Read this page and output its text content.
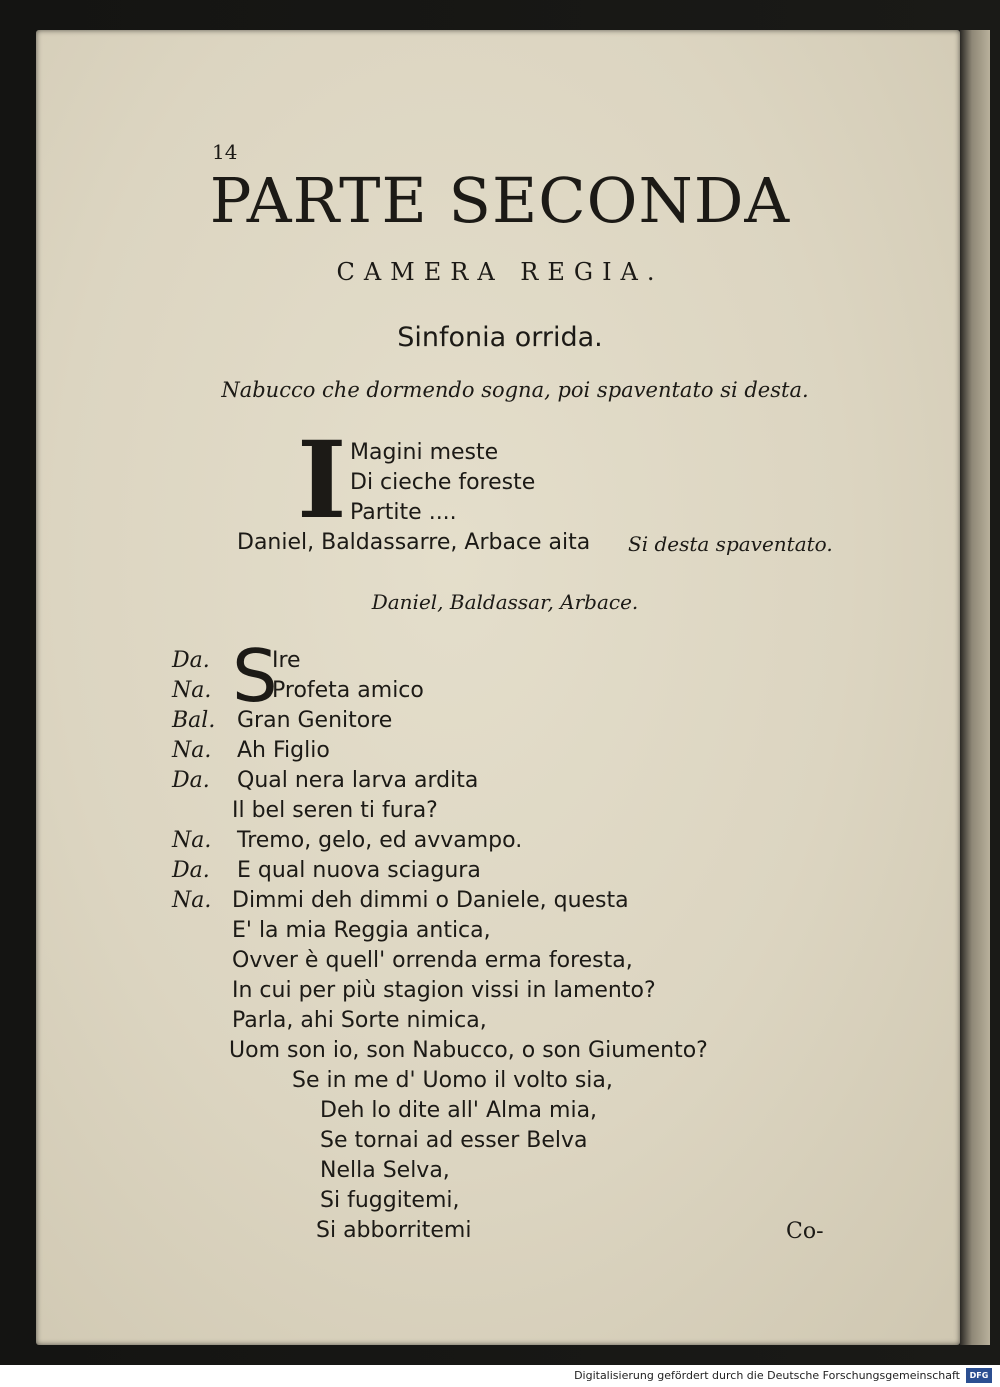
14
PARTE SECONDA
CAMERA REGIA.
Sinfonia orrida.
Nabucco che dormendo sogna, poi spaventato si desta.
I Magini meste
Di cieche foreste
Partite ....
Daniel, Baldassarre, Arbace aita Si desta spaventato.
Daniel, Baldassar, Arbace.
S
Da.	Ire
Na.	Profeta amico
Bal. Gran Genitore
Na. Ah Figlio
Da. Qual nera larva ardita
Il bel seren ti fura?
Na. Tremo, gelo, ed avvampo.
Da. E qual nuova sciagura
Na. Dimmi deh dimmi o Daniele, questa
E' la mia Reggia antica,
Ovver è quell' orrenda erma foresta,
In cui per più stagion vissi in lamento?
Parla, ahi Sorte nimica,
Uom son io, son Nabucco, o son Giumento?
Se in me d' Uomo il volto sia,
Deh lo dite all' Alma mia,
Se tornai ad esser Belva
Nella Selva,
Si fuggitemi,
Si abborritemi	Co-
Digitalisierung gefördert durch die Deutsche Forschungsgemeinschaft	DFG
